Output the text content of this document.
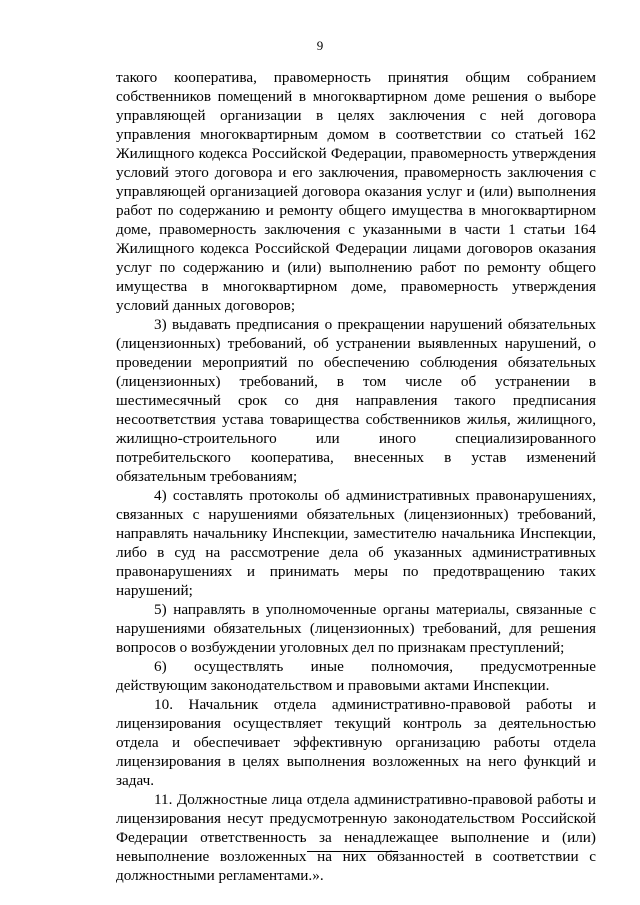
9

такого кооператива, правомерность принятия общим собранием собственников помещений в многоквартирном доме решения о выборе управляющей организации в целях заключения с ней договора управления многоквартирным домом в соответствии со статьей 162 Жилищного кодекса Российской Федерации, правомерность утверждения условий этого договора и его заключения, правомерность заключения с управляющей организацией договора оказания услуг и (или) выполнения работ по содержанию и ремонту общего имущества в многоквартирном доме, правомерность заключения с указанными в части 1 статьи 164 Жилищного кодекса Российской Федерации лицами договоров оказания услуг по содержанию и (или) выполнению работ по ремонту общего имущества в многоквартирном доме, правомерность утверждения условий данных договоров;

3) выдавать предписания о прекращении нарушений обязательных (лицензионных) требований, об устранении выявленных нарушений, о проведении мероприятий по обеспечению соблюдения обязательных (лицензионных) требований, в том числе об устранении в шестимесячный срок со дня направления такого предписания несоответствия устава товарищества собственников жилья, жилищного, жилищно-строительного или иного специализированного потребительского кооператива, внесенных в устав изменений обязательным требованиям;

4) составлять протоколы об административных правонарушениях, связанных с нарушениями обязательных (лицензионных) требований, направлять начальнику Инспекции, заместителю начальника Инспекции, либо в суд на рассмотрение дела об указанных административных правонарушениях и принимать меры по предотвращению таких нарушений;

5) направлять в уполномоченные органы материалы, связанные с нарушениями обязательных (лицензионных) требований, для решения вопросов о возбуждении уголовных дел по признакам преступлений;

6) осуществлять иные полномочия, предусмотренные действующим законодательством и правовыми актами Инспекции.

10. Начальник отдела административно-правовой работы и лицензирования осуществляет текущий контроль за деятельностью отдела и обеспечивает эффективную организацию работы отдела лицензирования в целях выполнения возложенных на него функций и задач.

11. Должностные лица отдела административно-правовой работы и лицензирования несут предусмотренную законодательством Российской Федерации ответственность за ненадлежащее выполнение и (или) невыполнение возложенных на них обязанностей в соответствии с должностными регламентами.».
